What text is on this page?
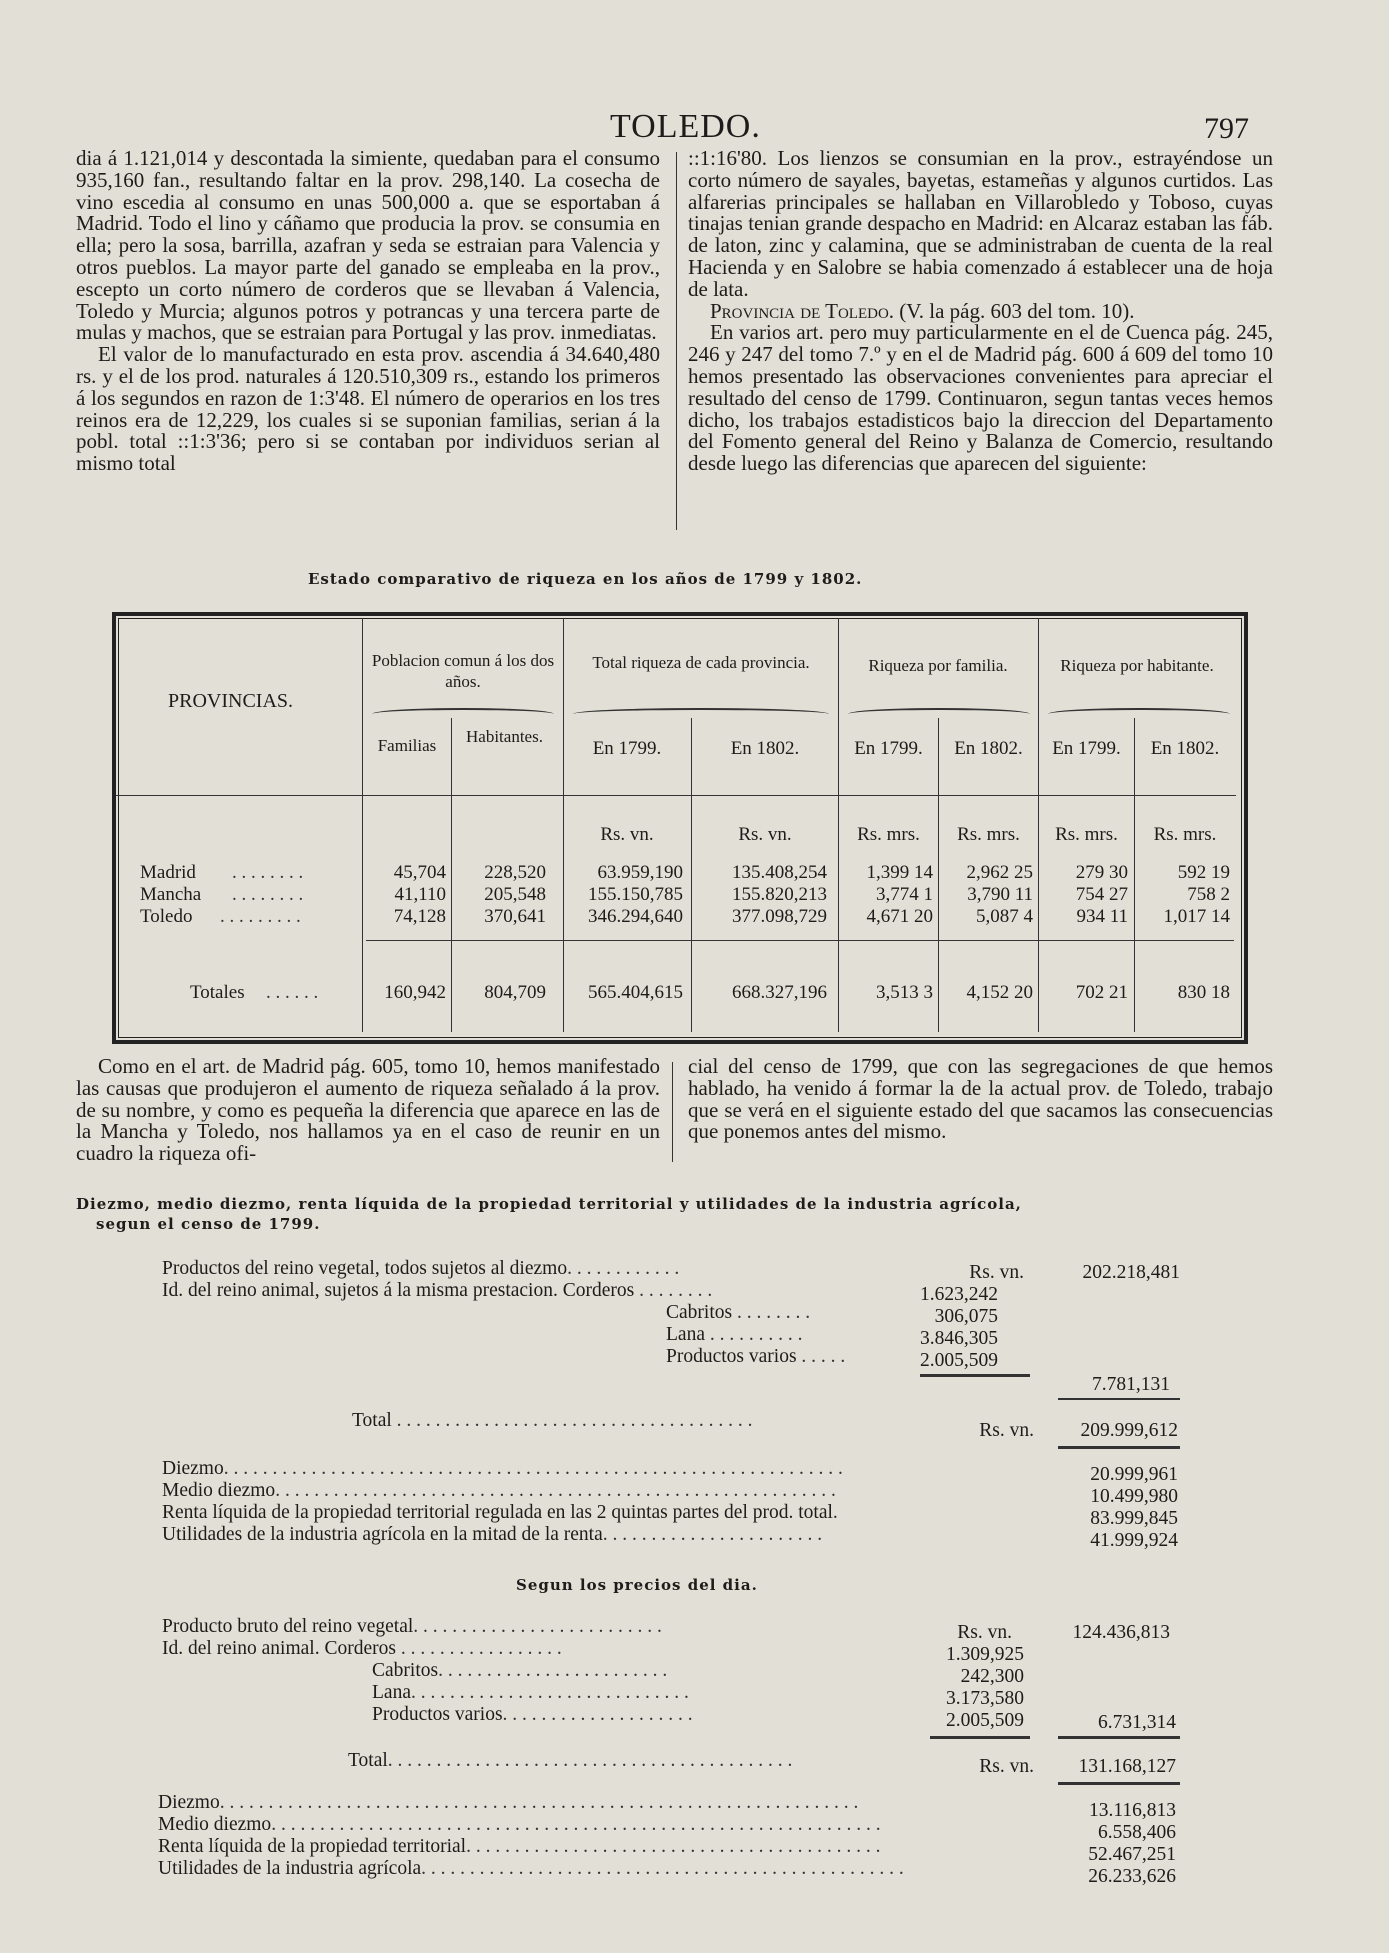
TOLEDO.	797

dia á 1.121,014 y descontada la simiente, quedaban para el consumo 935,160 fan., resultando faltar en la prov. 298,140. La cosecha de vino escedia al consumo en unas 500,000 a. que se esportaban á Madrid. Todo el lino y cáñamo que producia la prov. se consumia en ella; pero la sosa, barrilla, azafran y seda se estraian para Valencia y otros pueblos. La mayor parte del ganado se empleaba en la prov., escepto un corto número de corderos que se llevaban á Valencia, Toledo y Murcia; algunos potros y potrancas y una tercera parte de mulas y machos, que se estraian para Portugal y las prov. inmediatas.

El valor de lo manufacturado en esta prov. ascendia á 34.640,480 rs. y el de los prod. naturales á 120.510,309 rs., estando los primeros á los segundos en razon de 1:3'48. El número de operarios en los tres reinos era de 12,229, los cuales si se suponian familias, serian á la pobl. total ::1:3'36; pero si se contaban por individuos serian al mismo total

::1:16'80. Los lienzos se consumian en la prov., estrayéndose un corto número de sayales, bayetas, estameñas y algunos curtidos. Las alfarerias principales se hallaban en Villarobledo y Toboso, cuyas tinajas tenian grande despacho en Madrid: en Alcaraz estaban las fáb. de laton, zinc y calamina, que se administraban de cuenta de la real Hacienda y en Salobre se habia comenzado á establecer una de hoja de lata.

Provincia de Toledo. (V. la pág. 603 del tom. 10).

En varios art. pero muy particularmente en el de Cuenca pág. 245, 246 y 247 del tomo 7.º y en el de Madrid pág. 600 á 609 del tomo 10 hemos presentado las observaciones convenientes para apreciar el resultado del censo de 1799. Continuaron, segun tantas veces hemos dicho, los trabajos estadisticos bajo la direccion del Departamento del Fomento general del Reino y Balanza de Comercio, resultando desde luego las diferencias que aparecen del siguiente:

Estado comparativo de riqueza en los años de 1799 y 1802.
PROVINCIAS.
Poblacion comun á los dos años.
Total riqueza de cada provincia.	Riqueza por familia.	Riqueza por habitante.
Familias	Habitantes.
En 1799.	En 1802.	En 1799.	En 1802.	En 1799.	En 1802.
Rs. vn.	Rs. vn.	Rs. mrs.	Rs. mrs.	Rs. mrs.	Rs. mrs.
Madrid . . . . . . . .	45,704	228,520	63.959,190	135.408,254	1,399 14	2,962 25	279 30	592 19
Mancha . . . . . . . .	41,110	205,548	155.150,785	155.820,213	3,774 1	3,790 11	754 27	758 2
Toledo . . . . . . . . .	74,128	370,641	346.294,640	377.098,729	4,671 20	5,087 4	934 11	1,017 14
Totales . . . . . .	160,942	804,709	565.404,615	668.327,196	3,513 3	4,152 20	702 21	830 18

Como en el art. de Madrid pág. 605, tomo 10, hemos manifestado las causas que produjeron el aumento de riqueza señalado á la prov. de su nombre, y como es pequeña la diferencia que aparece en las de la Mancha y Toledo, nos hallamos ya en el caso de reunir en un cuadro la riqueza ofi-

cial del censo de 1799, que con las segregaciones de que hemos hablado, ha venido á formar la de la actual prov. de Toledo, trabajo que se verá en el siguiente estado del que sacamos las consecuencias que ponemos antes del mismo.

Diezmo, medio diezmo, renta líquida de la propiedad territorial y utilidades de la industria agrícola,
segun el censo de 1799.
Productos del reino vegetal, todos sujetos al diezmo. . . . . . . . . . . .	Rs. vn.	202.218,481
Id. del reino animal, sujetos á la misma prestacion. Corderos . . . . . . . .	1.623,242
Cabritos . . . . . . . .	306,075
Lana . . . . . . . . . .	3.846,305
Productos varios . . . . .	2.005,509
7.781,131
Total . . . . . . . . . . . . . . . . . . . . . . . . . . . . . . . . . . . . .	Rs. vn.	209.999,612
Diezmo. . . . . . . . . . . . . . . . . . . . . . . . . . . . . . . . . . . . . . . . . . . . . . . . . . . . . . . . . . . . . . . .	20.999,961
Medio diezmo. . . . . . . . . . . . . . . . . . . . . . . . . . . . . . . . . . . . . . . . . . . . . . . . . . . . . . . . . .	10.499,980
Renta líquida de la propiedad territorial regulada en las 2 quintas partes del prod. total.	83.999,845
Utilidades de la industria agrícola en la mitad de la renta. . . . . . . . . . . . . . . . . . . . . . .	41.999,924
Segun los precios del dia.
Producto bruto del reino vegetal. . . . . . . . . . . . . . . . . . . . . . . . . .	Rs. vn.	124.436,813
Id. del reino animal. Corderos . . . . . . . . . . . . . . . . .	1.309,925
Cabritos. . . . . . . . . . . . . . . . . . . . . . . .	242,300
Lana. . . . . . . . . . . . . . . . . . . . . . . . . . . . .	3.173,580
Productos varios. . . . . . . . . . . . . . . . . . . .	2.005,509	6.731,314
Total. . . . . . . . . . . . . . . . . . . . . . . . . . . . . . . . . . . . . . . . . .	Rs. vn.	131.168,127
Diezmo. . . . . . . . . . . . . . . . . . . . . . . . . . . . . . . . . . . . . . . . . . . . . . . . . . . . . . . . . . . . . . . . . .	13.116,813
Medio diezmo. . . . . . . . . . . . . . . . . . . . . . . . . . . . . . . . . . . . . . . . . . . . . . . . . . . . . . . . . . . . . . .	6.558,406
Renta líquida de la propiedad territorial. . . . . . . . . . . . . . . . . . . . . . . . . . . . . . . . . . . . . . . . . . .	52.467,251
Utilidades de la industria agrícola. . . . . . . . . . . . . . . . . . . . . . . . . . . . . . . . . . . . . . . . . . . . . . . . . .	26.233,626
